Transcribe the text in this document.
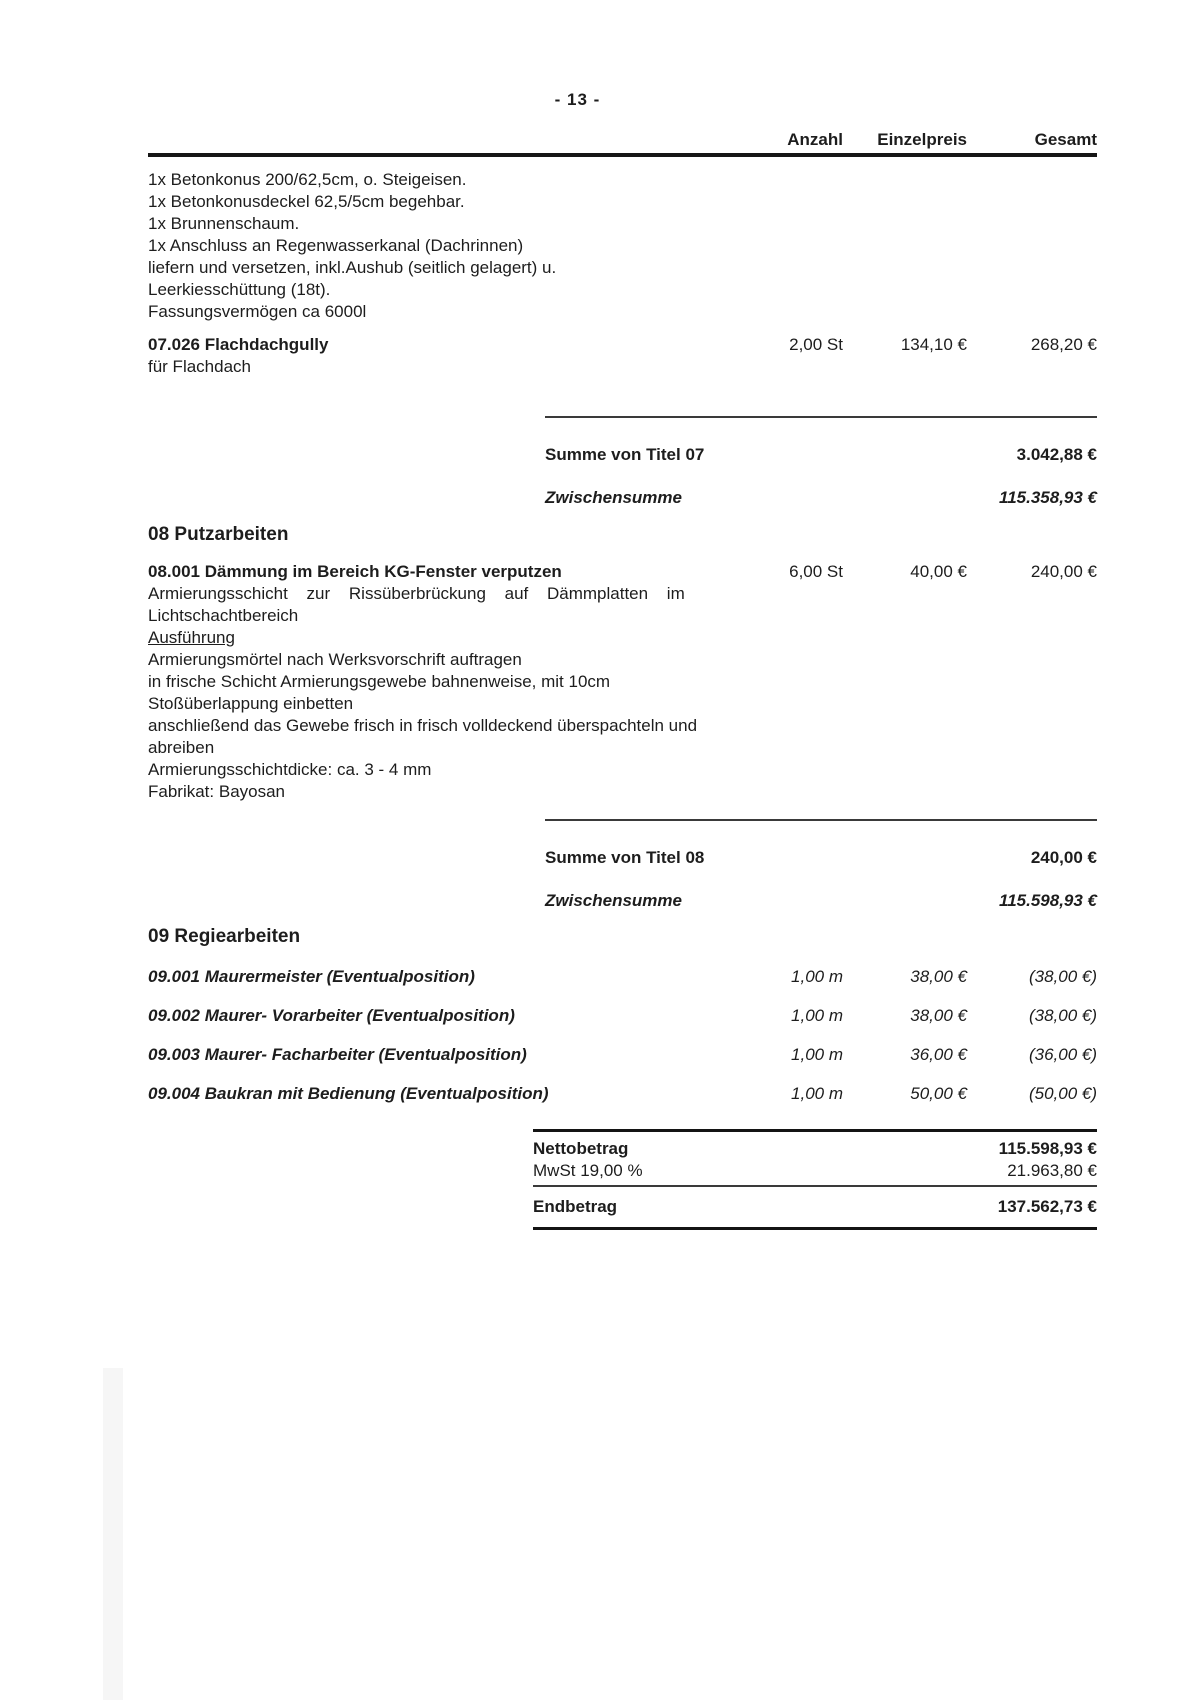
- 13 -
Anzahl	Einzelpreis	Gesamt
1x Betonkonus 200/62,5cm, o. Steigeisen.
1x Betonkonusdeckel 62,5/5cm begehbar.
1x Brunnenschaum.
1x Anschluss an Regenwasserkanal (Dachrinnen)
liefern und versetzen, inkl.Aushub (seitlich gelagert) u.
Leerkiesschüttung (18t).
Fassungsvermögen ca 6000l
07.026 Flachdachgully	2,00 St	134,10 €	268,20 €
für Flachdach
Summe von Titel 07	3.042,88 €
Zwischensumme	115.358,93 €
08 Putzarbeiten
08.001 Dämmung im Bereich KG-Fenster verputzen	6,00 St	40,00 €	240,00 €
Armierungsschicht zur Rissüberbrückung auf Dämmplatten im
Lichtschachtbereich
Ausführung
Armierungsmörtel nach Werksvorschrift auftragen
in frische Schicht Armierungsgewebe bahnenweise, mit 10cm
Stoßüberlappung einbetten
anschließend das Gewebe frisch in frisch volldeckend überspachteln und
abreiben
Armierungsschichtdicke: ca. 3 - 4 mm
Fabrikat: Bayosan
Summe von Titel 08	240,00 €
Zwischensumme	115.598,93 €
09 Regiearbeiten
09.001 Maurermeister (Eventualposition)	1,00 m	38,00 €	(38,00 €)
09.002 Maurer- Vorarbeiter (Eventualposition)	1,00 m	38,00 €	(38,00 €)
09.003 Maurer- Facharbeiter (Eventualposition)	1,00 m	36,00 €	(36,00 €)
09.004 Baukran mit Bedienung (Eventualposition)	1,00 m	50,00 €	(50,00 €)
Nettobetrag	115.598,93 €
MwSt 19,00 %	21.963,80 €
Endbetrag	137.562,73 €
